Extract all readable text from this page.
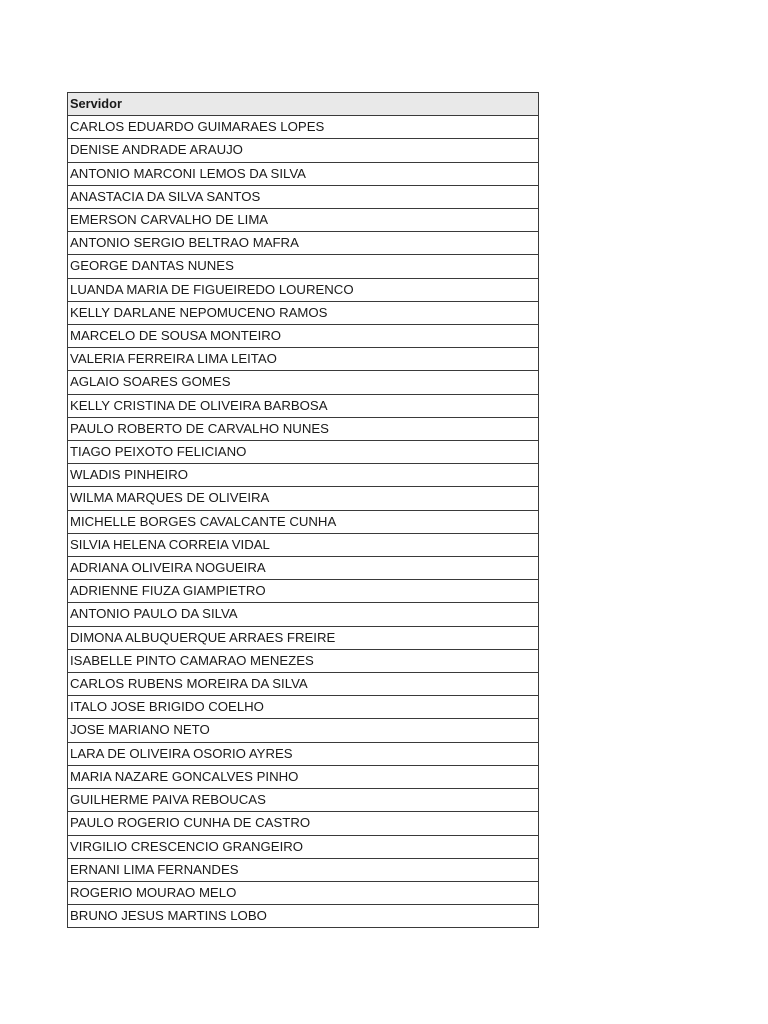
Servidor
CARLOS EDUARDO GUIMARAES LOPES
DENISE ANDRADE ARAUJO
ANTONIO MARCONI LEMOS DA SILVA
ANASTACIA DA SILVA SANTOS
EMERSON CARVALHO DE LIMA
ANTONIO SERGIO BELTRAO MAFRA
GEORGE DANTAS NUNES
LUANDA MARIA DE FIGUEIREDO LOURENCO
KELLY DARLANE NEPOMUCENO RAMOS
MARCELO DE SOUSA MONTEIRO
VALERIA FERREIRA LIMA LEITAO
AGLAIO SOARES GOMES
KELLY CRISTINA DE OLIVEIRA BARBOSA
PAULO ROBERTO DE CARVALHO NUNES
TIAGO PEIXOTO FELICIANO
WLADIS PINHEIRO
WILMA MARQUES DE OLIVEIRA
MICHELLE BORGES CAVALCANTE CUNHA
SILVIA HELENA CORREIA VIDAL
ADRIANA OLIVEIRA NOGUEIRA
ADRIENNE FIUZA GIAMPIETRO
ANTONIO PAULO DA SILVA
DIMONA ALBUQUERQUE ARRAES FREIRE
ISABELLE PINTO CAMARAO MENEZES
CARLOS RUBENS MOREIRA DA SILVA
ITALO JOSE BRIGIDO COELHO
JOSE MARIANO NETO
LARA DE OLIVEIRA OSORIO AYRES
MARIA NAZARE GONCALVES PINHO
GUILHERME PAIVA REBOUCAS
PAULO ROGERIO CUNHA DE CASTRO
VIRGILIO CRESCENCIO GRANGEIRO
ERNANI LIMA FERNANDES
ROGERIO MOURAO MELO
BRUNO JESUS MARTINS LOBO
